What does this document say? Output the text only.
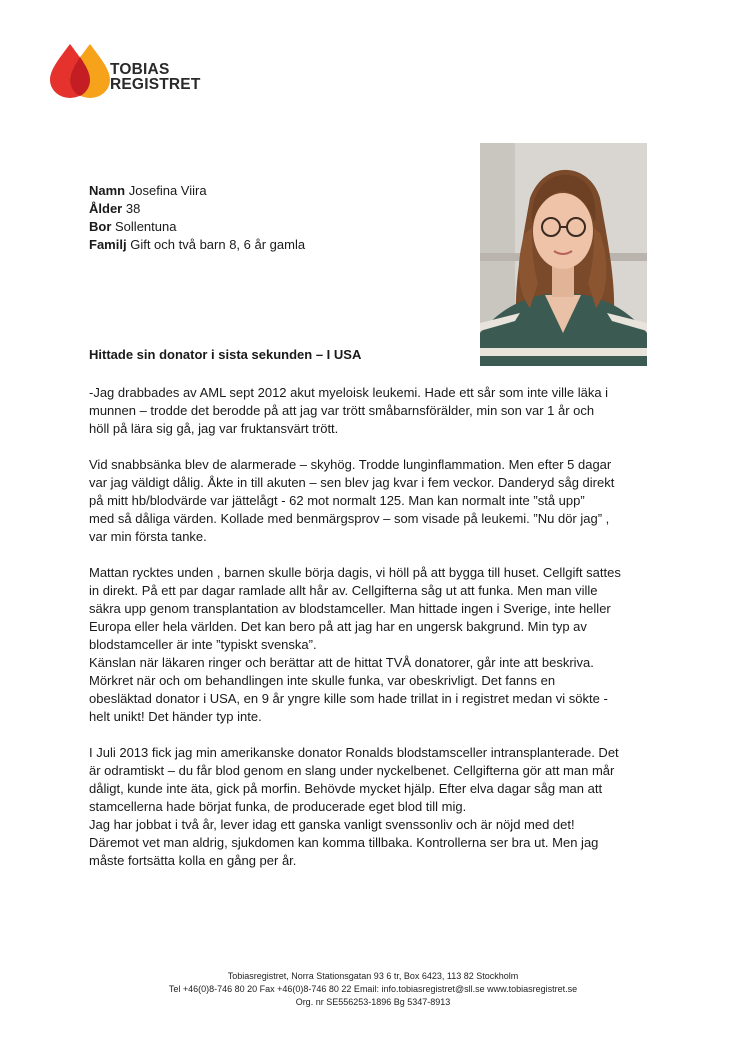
TOBIAS
REGISTRET
Namn Josefina Viira
Ålder 38
Bor Sollentuna
Familj Gift och två barn 8, 6 år gamla
Hittade sin donator i sista sekunden – I USA

-Jag drabbades av AML sept 2012 akut myeloisk leukemi. Hade ett sår som inte ville läka i
munnen – trodde det berodde på att jag var trött småbarnsförälder, min son var 1 år och
höll på lära sig gå, jag var fruktansvärt trött.

Vid snabbsänka blev de alarmerade – skyhög. Trodde lunginflammation. Men efter 5 dagar
var jag väldigt dålig. Åkte in till akuten – sen blev jag kvar i fem veckor. Danderyd såg direkt
på mitt hb/blodvärde var jättelågt - 62 mot normalt 125. Man kan normalt inte ”stå upp”
med så dåliga värden. Kollade med benmärgsprov – som visade på leukemi. ”Nu dör jag” ,
var min första tanke.

Mattan rycktes unden , barnen skulle börja dagis, vi höll på att bygga till huset. Cellgift sattes
in direkt. På ett par dagar ramlade allt hår av. Cellgifterna såg ut att funka. Men man ville
säkra upp genom transplantation av blodstamceller. Man hittade ingen i Sverige, inte heller
Europa eller hela världen. Det kan bero på att jag har en ungersk bakgrund. Min typ av
blodstamceller är inte ”typiskt svenska”.
Känslan när läkaren ringer och berättar att de hittat TVÅ donatorer, går inte att beskriva.
Mörkret när och om behandlingen inte skulle funka, var obeskrivligt. Det fanns en
obesläktad donator i USA, en 9 år yngre kille som hade trillat in i registret medan vi sökte -
helt unikt! Det händer typ inte.

I Juli 2013 fick jag min amerikanske donator Ronalds blodstamsceller intransplanterade. Det
är odramtiskt – du får blod genom en slang under nyckelbenet. Cellgifterna gör att man mår
dåligt, kunde inte äta, gick på morfin. Behövde mycket hjälp. Efter elva dagar såg man att
stamcellerna hade börjat funka, de producerade eget blod till mig.
Jag har jobbat i två år, lever idag ett ganska vanligt svenssonliv och är nöjd med det!
Däremot vet man aldrig, sjukdomen kan komma tillbaka. Kontrollerna ser bra ut. Men jag
måste fortsätta kolla en gång per år.

Tobiasregistret, Norra Stationsgatan 93 6 tr, Box 6423, 113 82 Stockholm
Tel +46(0)8-746 80 20 Fax +46(0)8-746 80 22 Email: info.tobiasregistret@sll.se www.tobiasregistret.se
Org. nr SE556253-1896 Bg 5347-8913
